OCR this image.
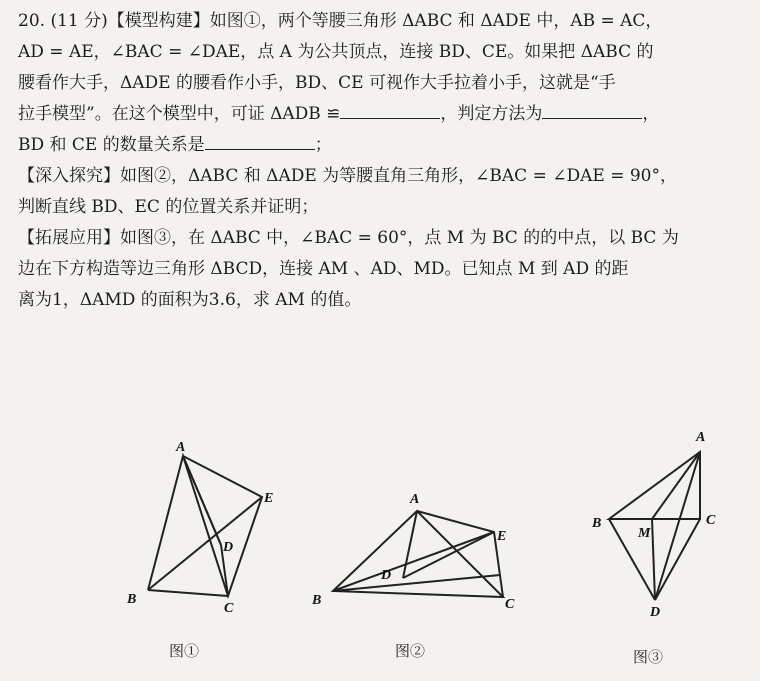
20. (11 分)【模型构建】如图①，两个等腰三角形 ΔABC 和 ΔADE 中，AB = AC，
AD = AE，∠BAC = ∠DAE，点 A 为公共顶点，连接 BD、CE。如果把 ΔABC 的
腰看作大手，ΔADE 的腰看作小手，BD、CE 可视作大手拉着小手，这就是“手
拉手模型”。在这个模型中，可证 ΔADB ≌	，判定方法为	，
BD 和 CE 的数量关系是	；
【深入探究】如图②，ΔABC 和 ΔADE 为等腰直角三角形，∠BAC = ∠DAE = 90°，
判断直线 BD、EC 的位置关系并证明；
【拓展应用】如图③，在 ΔABC 中，∠BAC = 60°，点 M 为 BC 的的中点，以 BC 为
边在下方构造等边三角形 ΔBCD，连接 AM 、AD、MD。已知点 M 到 AD 的距
离为1，ΔAMD 的面积为3.6，求 AM 的值。
A
B
C
D
E	A
B	C
D
E
A
B	C
D
M
图①	图②	图③
